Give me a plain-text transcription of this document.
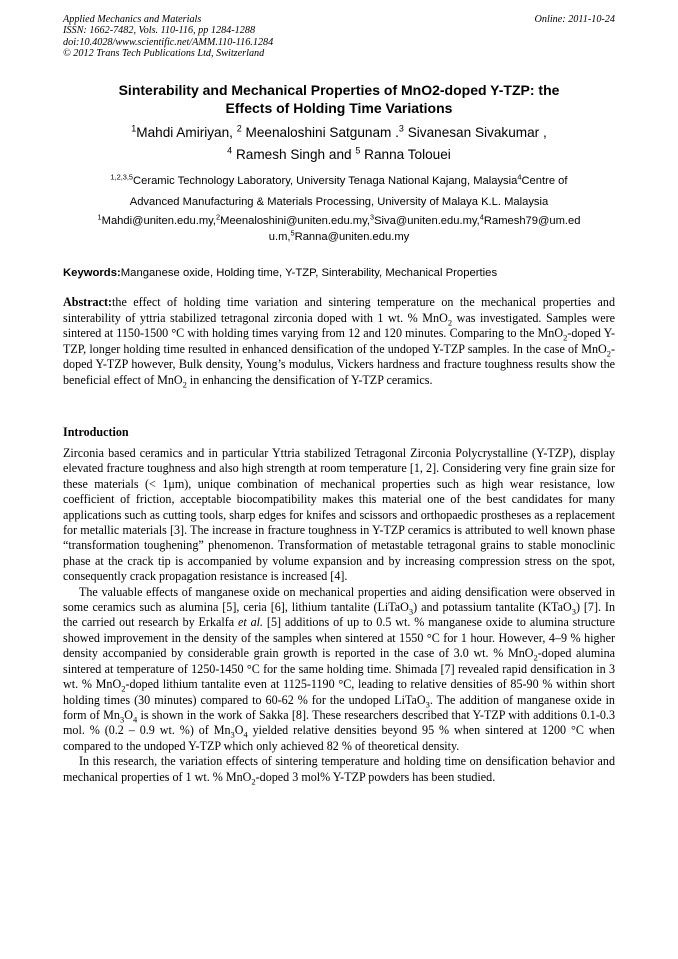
Applied Mechanics and Materials
ISSN: 1662-7482, Vols. 110-116, pp 1284-1288
doi:10.4028/www.scientific.net/AMM.110-116.1284
© 2012 Trans Tech Publications Ltd, Switzerland
Online: 2011-10-24
Sinterability and Mechanical Properties of MnO2-doped Y-TZP: the
Effects of Holding Time Variations
$^1$Mahdi Amiriyan, $^2$ Meenaloshini Satgunam .$^3$ Sivanesan Sivakumar ,
$^4$ Ramesh Singh and $^5$ Ranna Tolouei
$^{1,2,3,5}$Ceramic Technology Laboratory, University Tenaga National Kajang, Malaysia$^4$Centre of
Advanced Manufacturing & Materials Processing, University of Malaya K.L. Malaysia
$^1$Mahdi@uniten.edu.my,$^2$Meenaloshini@uniten.edu.my,$^3$Siva@uniten.edu.my,$^4$Ramesh79@um.ed
u.m,$^5$Ranna@uniten.edu.my
Keywords:Manganese oxide, Holding time, Y-TZP, Sinterability, Mechanical Properties
Abstract:the effect of holding time variation and sintering temperature on the mechanical properties and sinterability of yttria stabilized tetragonal zirconia doped with 1 wt. % MnO$_2$ was investigated. Samples were sintered at 1150-1500 °C with holding times varying from 12 and 120 minutes. Comparing to the MnO$_2$-doped Y-TZP, longer holding time resulted in enhanced densification of the undoped Y-TZP samples. In the case of MnO$_2$-doped Y-TZP however, Bulk density, Young’s modulus, Vickers hardness and fracture toughness results show the beneficial effect of MnO$_2$ in enhancing the densification of Y-TZP ceramics.
Introduction

Zirconia based ceramics and in particular Yttria stabilized Tetragonal Zirconia Polycrystalline (Y-TZP), display elevated fracture toughness and also high strength at room temperature [1, 2]. Considering very fine grain size for these materials (< 1μm), unique combination of mechanical properties such as high wear resistance, low coefficient of friction, acceptable biocompatibility makes this material one of the best candidates for many applications such as cutting tools, sharp edges for knifes and scissors and orthopaedic prostheses as a replacement for metallic materials [3]. The increase in fracture toughness in Y-TZP ceramics is attributed to well known phase “transformation toughening” phenomenon. Transformation of metastable tetragonal grains to stable monoclinic phase at the crack tip is accompanied by volume expansion and by increasing compression stress on the spot, consequently crack propagation resistance is increased [4].

The valuable effects of manganese oxide on mechanical properties and aiding densification were observed in some ceramics such as alumina [5], ceria [6], lithium tantalite (LiTaO$_3$) and potassium tantalite (KTaO$_3$) [7]. In the carried out research by Erkalfa et al. [5] additions of up to 0.5 wt. % manganese oxide to alumina structure showed improvement in the density of the samples when sintered at 1550 °C for 1 hour. However, 4–9 % higher density accompanied by considerable grain growth is reported in the case of 3.0 wt. % MnO$_2$-doped alumina sintered at temperature of 1250-1450 °C for the same holding time. Shimada [7] revealed rapid densification in 3 wt. % MnO$_2$-doped lithium tantalite even at 1125-1190 °C, leading to relative densities of 85-90 % within short holding times (30 minutes) compared to 60-62 % for the undoped LiTaO$_3$. The addition of manganese oxide in form of $Mn_3O_4$ is shown in the work of Sakka [8]. These researchers described that Y-TZP with additions 0.1-0.3 mol. % (0.2 – 0.9 wt. %) of $Mn_3O_4$ yielded relative densities beyond 95 % when sintered at 1200 °C when compared to the undoped Y-TZP which only achieved 82 % of theoretical density.

In this research, the variation effects of sintering temperature and holding time on densification behavior and mechanical properties of 1 wt. % MnO$_2$-doped 3 mol% Y-TZP powders has been studied.
